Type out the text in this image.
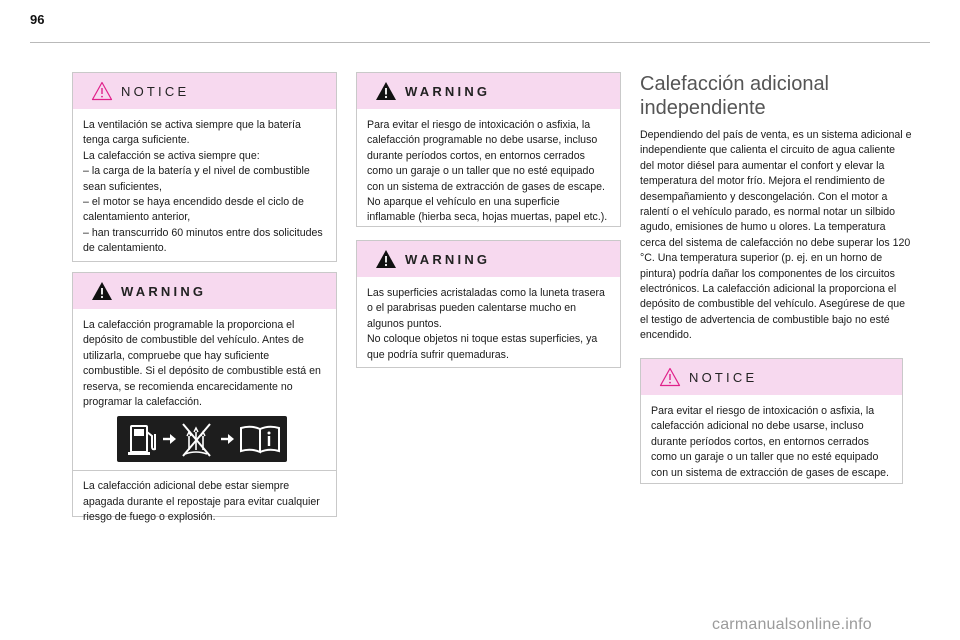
96
NOTICE

La ventilación se activa siempre que la batería tenga carga suficiente.
La calefacción se activa siempre que:
– la carga de la batería y el nivel de combustible sean suficientes,
– el motor se haya encendido desde el ciclo de calentamiento anterior,
– han transcurrido 60 minutos entre dos solicitudes de calentamiento.

WARNING

La calefacción programable la proporciona el depósito de combustible del vehículo. Antes de utilizarla, compruebe que hay suficiente combustible. Si el depósito de combustible está en reserva, se recomienda encarecidamente no programar la calefacción.

La calefacción adicional debe estar siempre apagada durante el repostaje para evitar cualquier riesgo de fuego o explosión.

WARNING

Para evitar el riesgo de intoxicación o asfixia, la calefacción programable no debe usarse, incluso durante períodos cortos, en entornos cerrados como un garaje o un taller que no esté equipado con un sistema de extracción de gases de escape. No aparque el vehículo en una superficie inflamable (hierba seca, hojas muertas, papel etc.).

WARNING

Las superficies acristaladas como la luneta trasera o el parabrisas pueden calentarse mucho en algunos puntos.
No coloque objetos ni toque estas superficies, ya que podría sufrir quemaduras.

Calefacción adicional
independiente

Dependiendo del país de venta, es un sistema adicional e independiente que calienta el circuito de agua caliente del motor diésel para aumentar el confort y elevar la temperatura del motor frío. Mejora el rendimiento de desempañamiento y descongelación. Con el motor a ralentí o el vehículo parado, es normal notar un silbido agudo, emisiones de humo u olores. La temperatura cerca del sistema de calefacción no debe superar los 120 °C. Una temperatura superior (p. ej. en un horno de pintura) podría dañar los componentes de los circuitos electrónicos. La calefacción adicional la proporciona el depósito de combustible del vehículo. Asegúrese de que el testigo de advertencia de combustible bajo no esté encendido.

NOTICE

Para evitar el riesgo de intoxicación o asfixia, la calefacción adicional no debe usarse, incluso durante períodos cortos, en entornos cerrados como un garaje o un taller que no esté equipado con un sistema de extracción de gases de escape.

carmanualsonline.info
